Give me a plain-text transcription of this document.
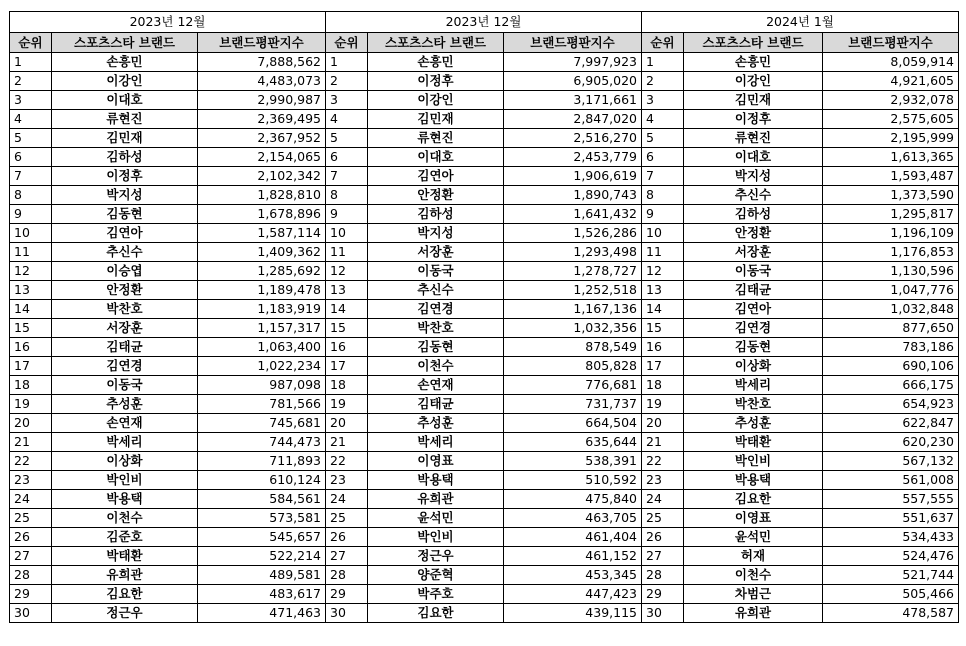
2023년 12월			2023년 12월			2024년 1월		
순위	스포츠스타 브랜드	브랜드평판지수	순위	스포츠스타 브랜드	브랜드평판지수	순위	스포츠스타 브랜드	브랜드평판지수
1	손흥민	7,888,562	1	손흥민	7,997,923	1	손흥민	8,059,914
2	이강인	4,483,073	2	이정후	6,905,020	2	이강인	4,921,605
3	이대호	2,990,987	3	이강인	3,171,661	3	김민재	2,932,078
4	류현진	2,369,495	4	김민재	2,847,020	4	이정후	2,575,605
5	김민재	2,367,952	5	류현진	2,516,270	5	류현진	2,195,999
6	김하성	2,154,065	6	이대호	2,453,779	6	이대호	1,613,365
7	이정후	2,102,342	7	김연아	1,906,619	7	박지성	1,593,487
8	박지성	1,828,810	8	안정환	1,890,743	8	추신수	1,373,590
9	김동현	1,678,896	9	김하성	1,641,432	9	김하성	1,295,817
10	김연아	1,587,114	10	박지성	1,526,286	10	안정환	1,196,109
11	추신수	1,409,362	11	서장훈	1,293,498	11	서장훈	1,176,853
12	이승엽	1,285,692	12	이동국	1,278,727	12	이동국	1,130,596
13	안정환	1,189,478	13	추신수	1,252,518	13	김태균	1,047,776
14	박찬호	1,183,919	14	김연경	1,167,136	14	김연아	1,032,848
15	서장훈	1,157,317	15	박찬호	1,032,356	15	김연경	877,650
16	김태균	1,063,400	16	김동현	878,549	16	김동현	783,186
17	김연경	1,022,234	17	이천수	805,828	17	이상화	690,106
18	이동국	987,098	18	손연재	776,681	18	박세리	666,175
19	추성훈	781,566	19	김태균	731,737	19	박찬호	654,923
20	손연재	745,681	20	추성훈	664,504	20	추성훈	622,847
21	박세리	744,473	21	박세리	635,644	21	박태환	620,230
22	이상화	711,893	22	이영표	538,391	22	박인비	567,132
23	박인비	610,124	23	박용택	510,592	23	박용택	561,008
24	박용택	584,561	24	유희관	475,840	24	김요한	557,555
25	이천수	573,581	25	윤석민	463,705	25	이영표	551,637
26	김준호	545,657	26	박인비	461,404	26	윤석민	534,433
27	박태환	522,214	27	정근우	461,152	27	허재	524,476
28	유희관	489,581	28	양준혁	453,345	28	이천수	521,744
29	김요한	483,617	29	박주호	447,423	29	차범근	505,466
30	정근우	471,463	30	김요한	439,115	30	유희관	478,587
